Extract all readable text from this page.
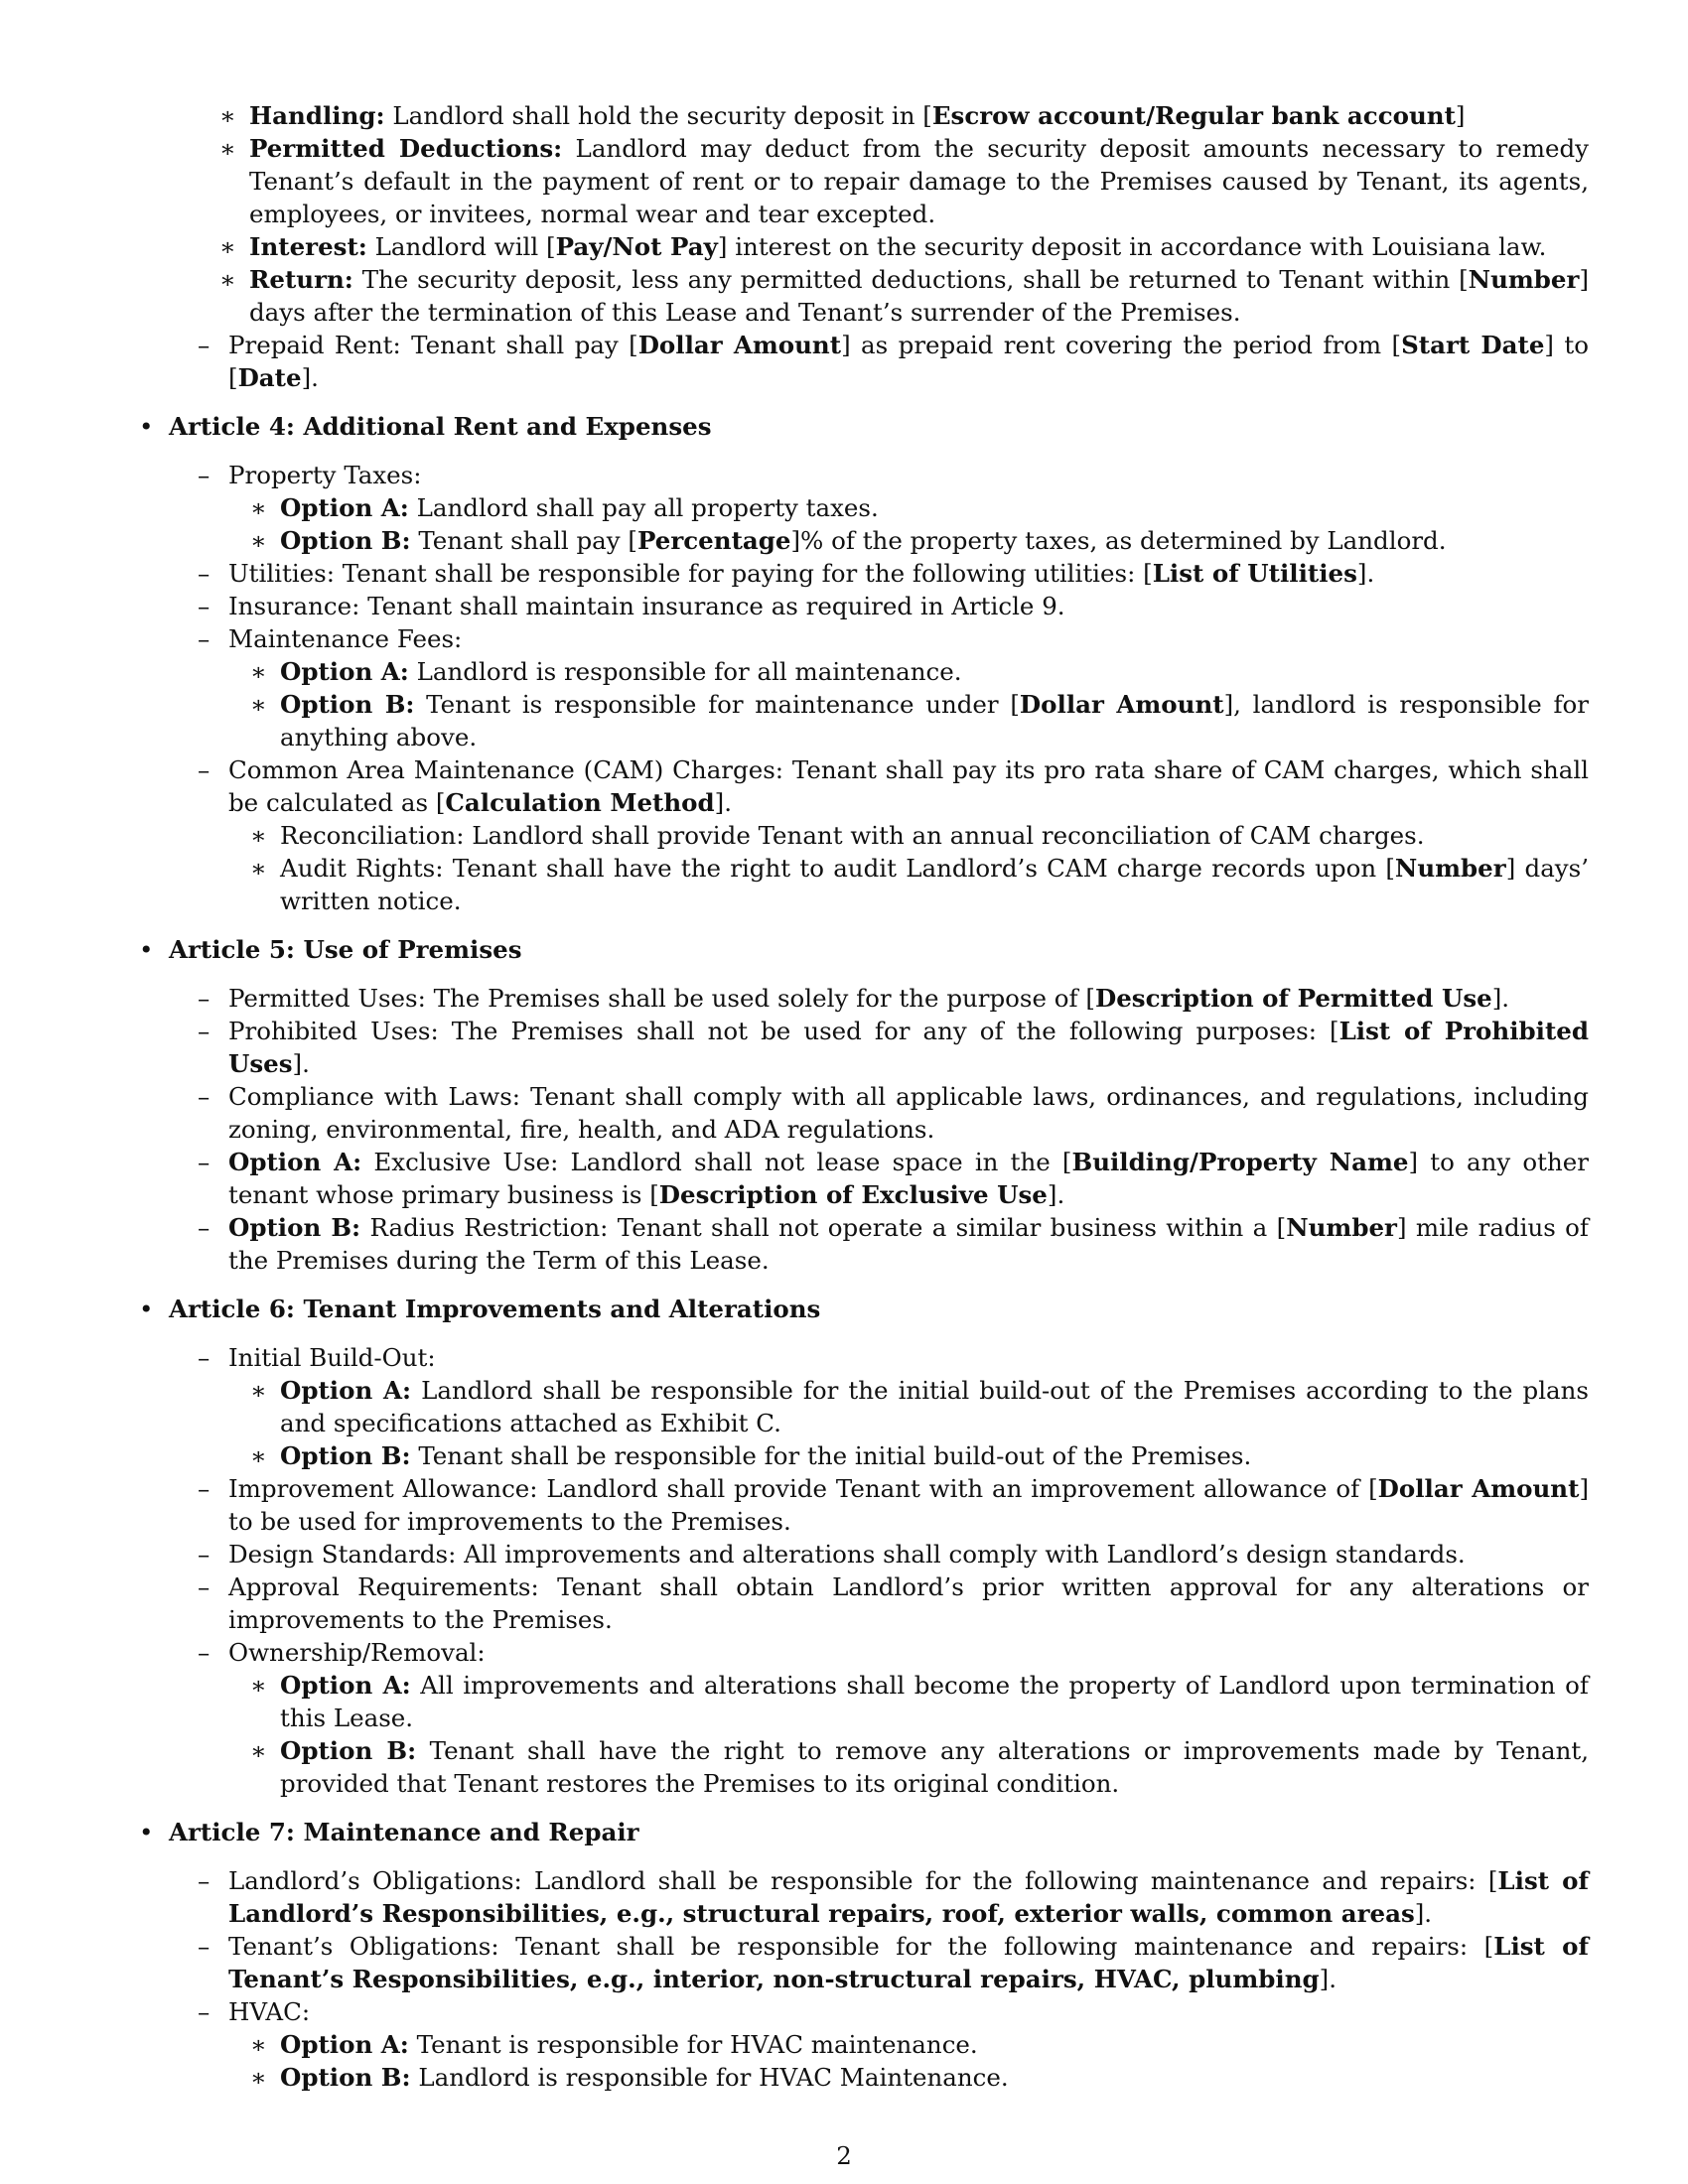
∗ Handling: Landlord shall hold the security deposit in [Escrow account/Regular bank account]
∗ Permitted Deductions: Landlord may deduct from the security deposit amounts necessary to remedy Tenant’s default in the payment of rent or to repair damage to the Premises caused by Tenant, its agents, employees, or invitees, normal wear and tear excepted.
∗ Interest: Landlord will [Pay/Not Pay] interest on the security deposit in accordance with Louisiana law.
∗ Return: The security deposit, less any permitted deductions, shall be returned to Tenant within [Number] days after the termination of this Lease and Tenant’s surrender of the Premises.
– Prepaid Rent: Tenant shall pay [Dollar Amount] as prepaid rent covering the period from [Start Date] to [Date].
• Article 4: Additional Rent and Expenses
– Property Taxes:
∗ Option A: Landlord shall pay all property taxes.
∗ Option B: Tenant shall pay [Percentage]% of the property taxes, as determined by Landlord.
– Utilities: Tenant shall be responsible for paying for the following utilities: [List of Utilities].
– Insurance: Tenant shall maintain insurance as required in Article 9.
– Maintenance Fees:
∗ Option A: Landlord is responsible for all maintenance.
∗ Option B: Tenant is responsible for maintenance under [Dollar Amount], landlord is responsible for anything above.
– Common Area Maintenance (CAM) Charges: Tenant shall pay its pro rata share of CAM charges, which shall be calculated as [Calculation Method].
∗ Reconciliation: Landlord shall provide Tenant with an annual reconciliation of CAM charges.
∗ Audit Rights: Tenant shall have the right to audit Landlord’s CAM charge records upon [Number] days’ written notice.
• Article 5: Use of Premises
– Permitted Uses: The Premises shall be used solely for the purpose of [Description of Permitted Use].
– Prohibited Uses: The Premises shall not be used for any of the following purposes: [List of Prohibited Uses].
– Compliance with Laws: Tenant shall comply with all applicable laws, ordinances, and regulations, including zoning, environmental, fire, health, and ADA regulations.
– Option A: Exclusive Use: Landlord shall not lease space in the [Building/Property Name] to any other tenant whose primary business is [Description of Exclusive Use].
– Option B: Radius Restriction: Tenant shall not operate a similar business within a [Number] mile radius of the Premises during the Term of this Lease.
• Article 6: Tenant Improvements and Alterations
– Initial Build-Out:
∗ Option A: Landlord shall be responsible for the initial build-out of the Premises according to the plans and specifications attached as Exhibit C.
∗ Option B: Tenant shall be responsible for the initial build-out of the Premises.
– Improvement Allowance: Landlord shall provide Tenant with an improvement allowance of [Dollar Amount] to be used for improvements to the Premises.
– Design Standards: All improvements and alterations shall comply with Landlord’s design standards.
– Approval Requirements: Tenant shall obtain Landlord’s prior written approval for any alterations or improvements to the Premises.
– Ownership/Removal:
∗ Option A: All improvements and alterations shall become the property of Landlord upon termination of this Lease.
∗ Option B: Tenant shall have the right to remove any alterations or improvements made by Tenant, provided that Tenant restores the Premises to its original condition.
• Article 7: Maintenance and Repair
– Landlord’s Obligations: Landlord shall be responsible for the following maintenance and repairs: [List of Landlord’s Responsibilities, e.g., structural repairs, roof, exterior walls, common areas].
– Tenant’s Obligations: Tenant shall be responsible for the following maintenance and repairs: [List of Tenant’s Responsibilities, e.g., interior, non-structural repairs, HVAC, plumbing].
– HVAC:
∗ Option A: Tenant is responsible for HVAC maintenance.
∗ Option B: Landlord is responsible for HVAC Maintenance.
2
